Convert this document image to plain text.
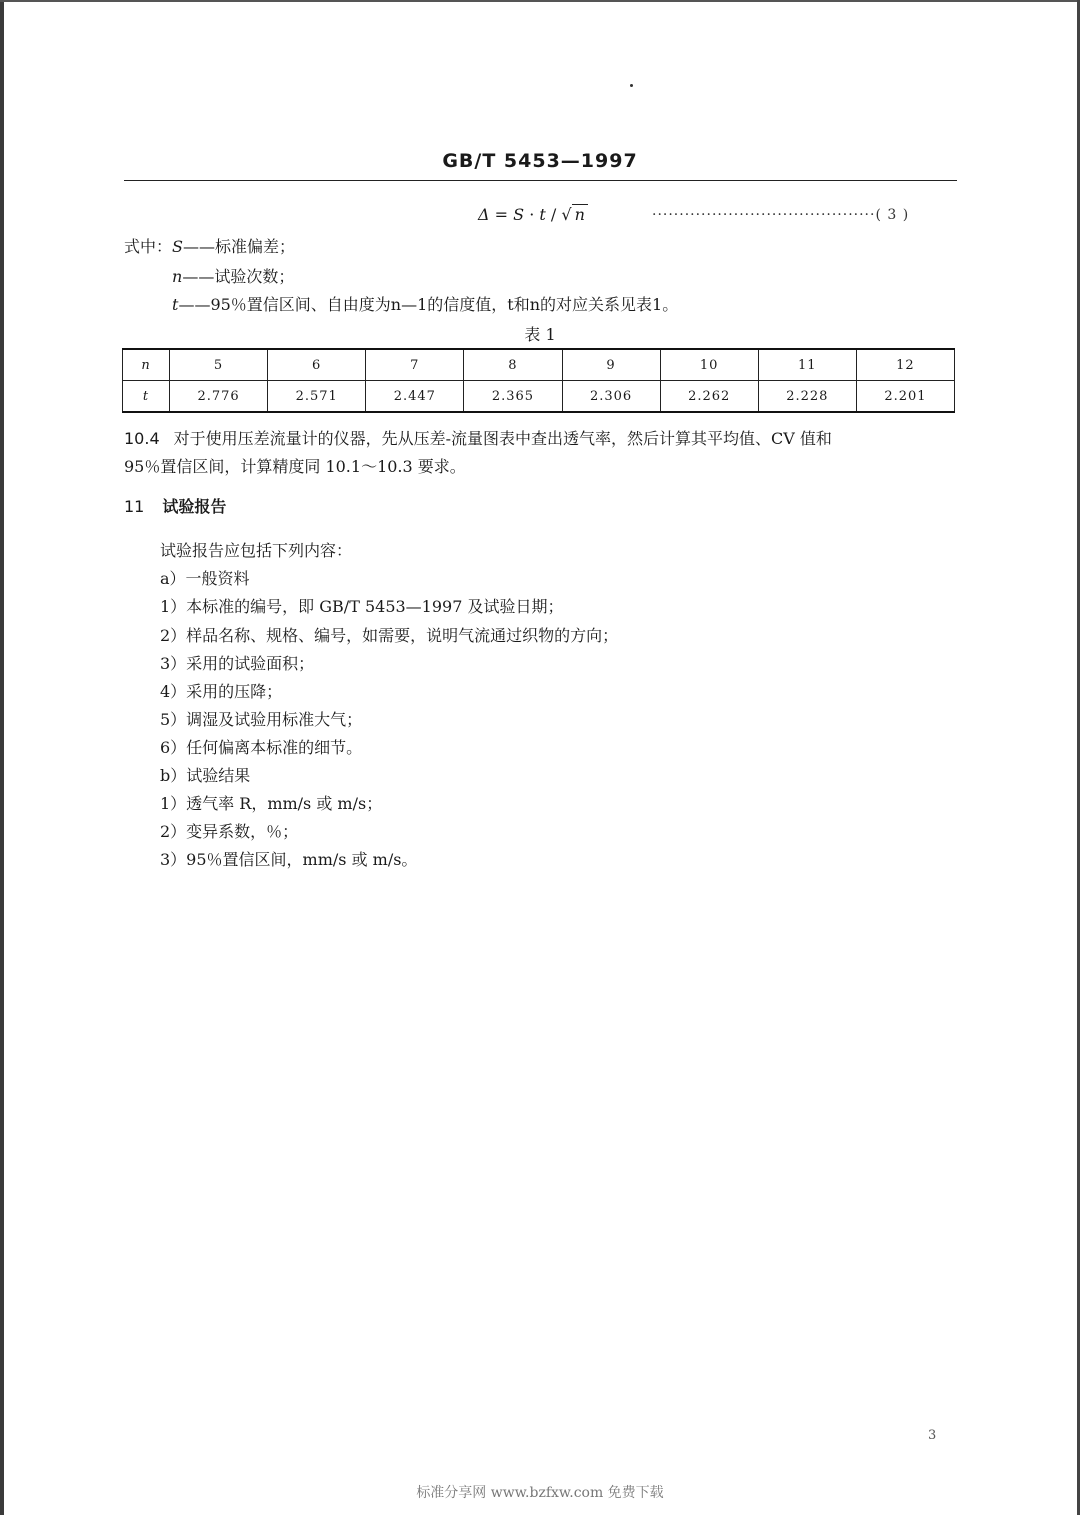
GB/T 5453—1997
Δ = S · t / √ n	·········································( 3 )
式中：S——标准偏差；
n——试验次数；
t——95％置信区间、自由度为n—1的信度值，t和n的对应关系见表1。
表 1
n	5	6	7	8	9	10	11	12
t	2.776	2.571	2.447	2.365	2.306	2.262	2.228	2.201
10.4 对于使用压差流量计的仪器，先从压差-流量图表中查出透气率，然后计算其平均值、CV 值和
95％置信区间，计算精度同 10.1～10.3 要求。
11 试验报告
试验报告应包括下列内容：
a）一般资料
1）本标准的编号，即 GB/T 5453—1997 及试验日期；
2）样品名称、规格、编号，如需要，说明气流通过织物的方向；
3）采用的试验面积；
4）采用的压降；
5）调湿及试验用标准大气；
6）任何偏离本标准的细节。
b）试验结果
1）透气率 R，mm/s 或 m/s；
2）变异系数，％；
3）95％置信区间，mm/s 或 m/s。
3
标准分享网 www.bzfxw.com 免费下载
